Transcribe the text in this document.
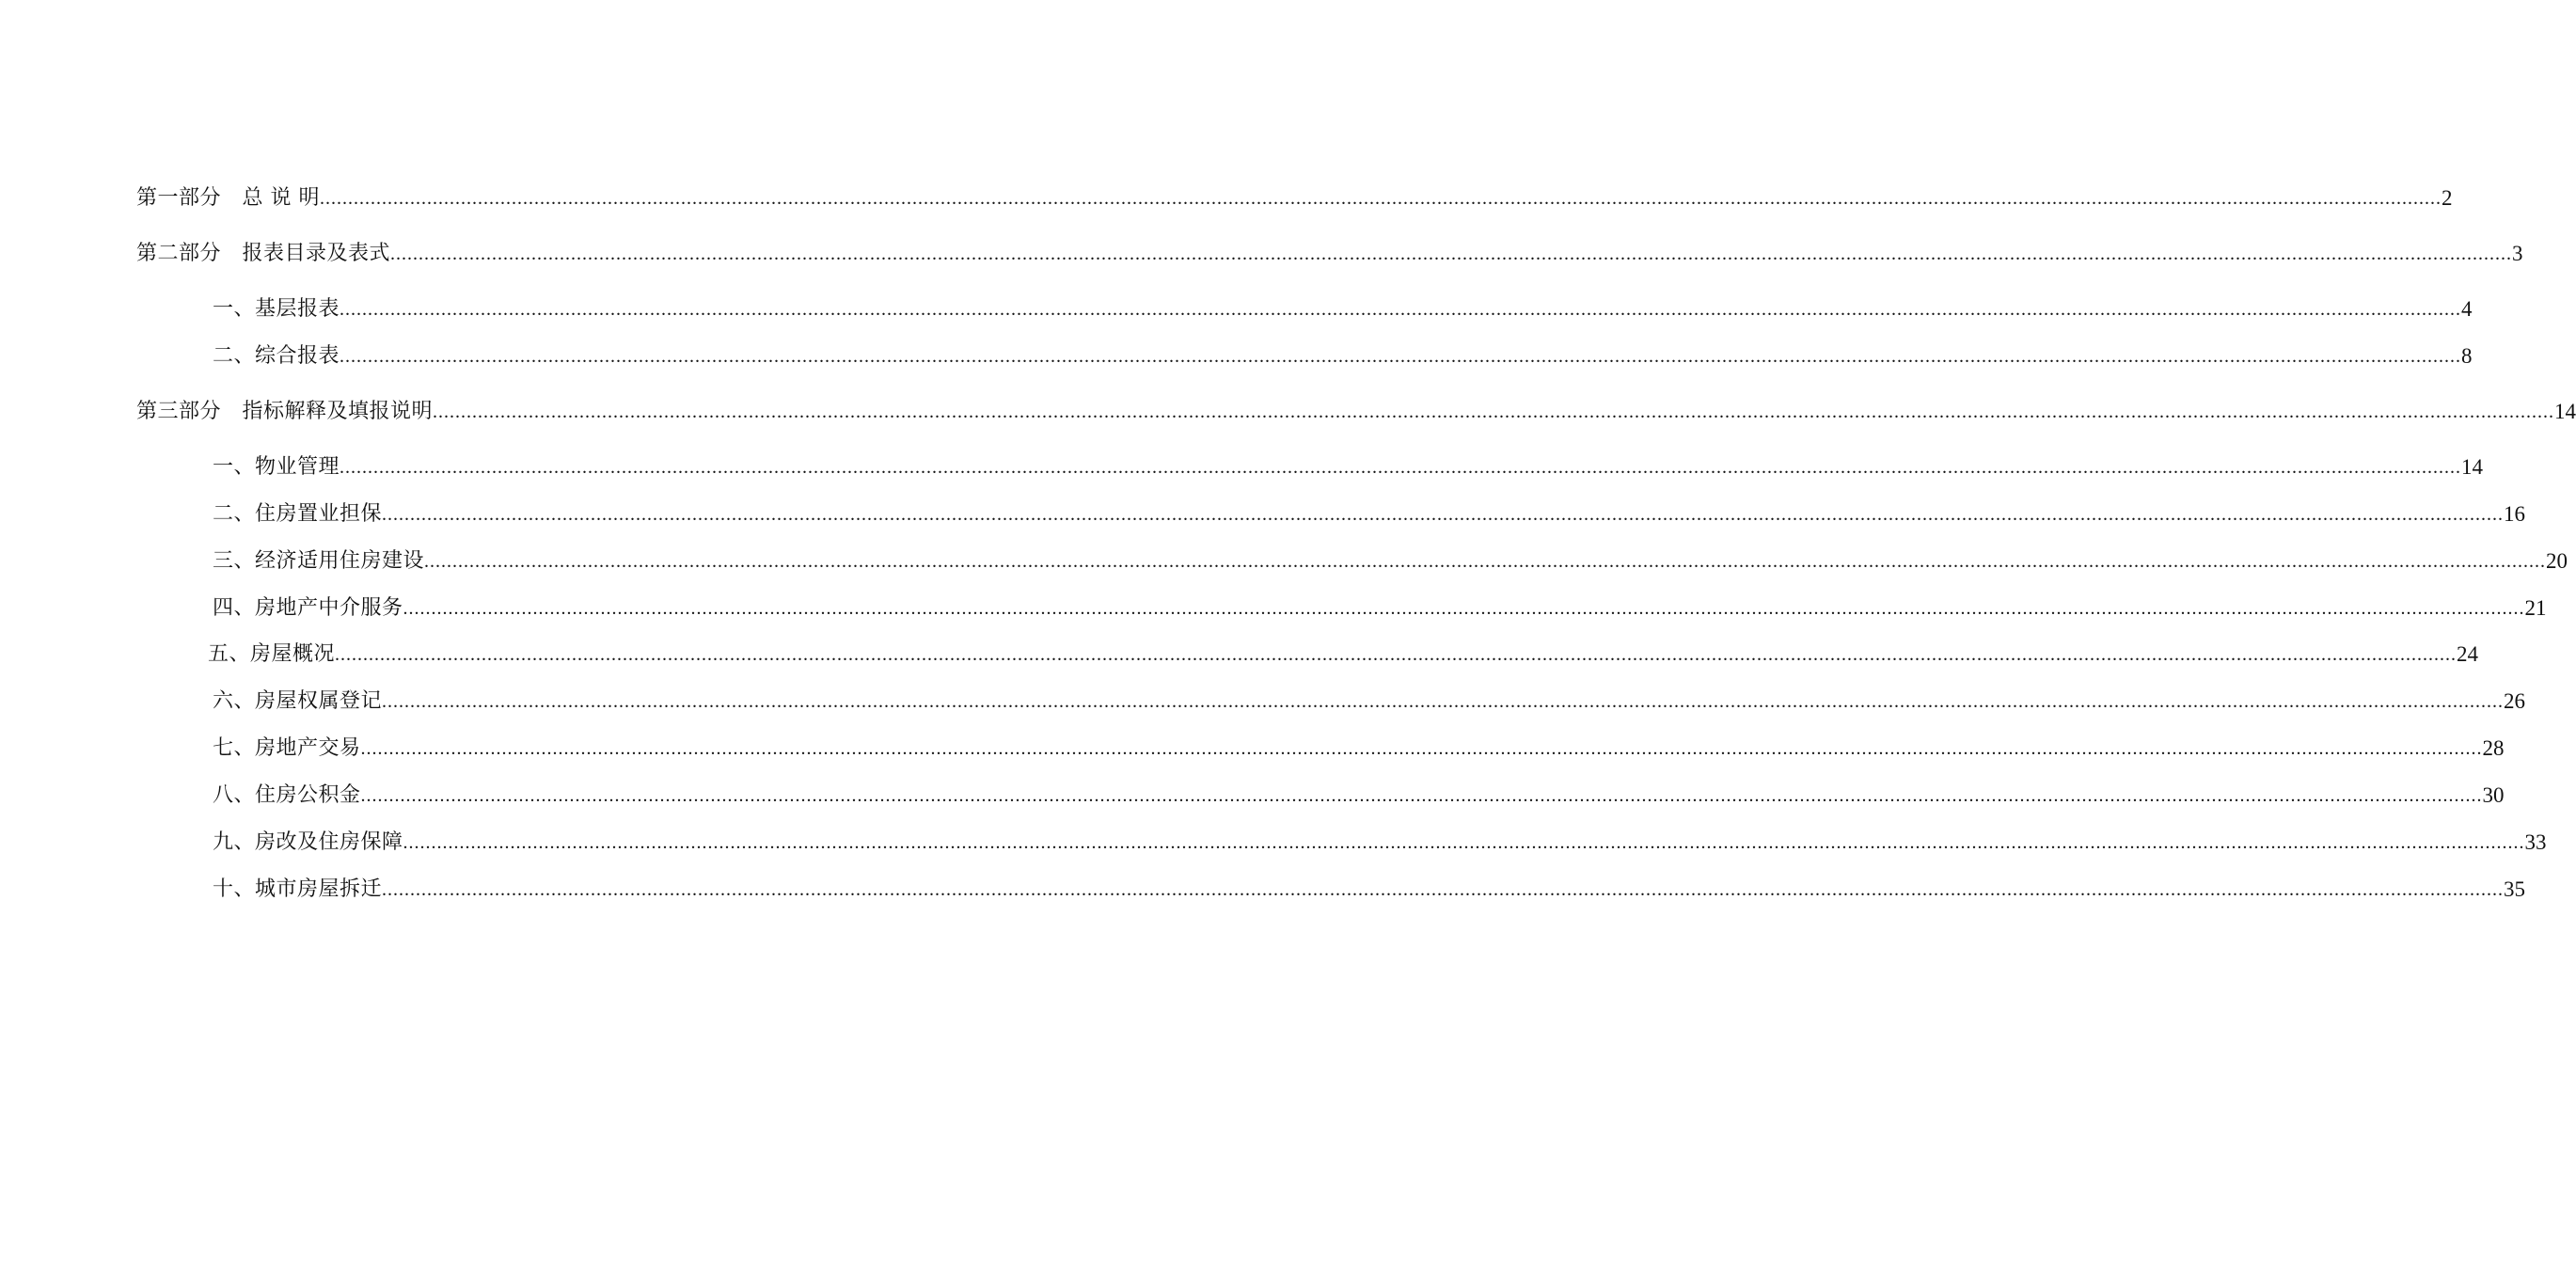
第一部分　总 说 明 ........................................................................................................................................................................................................................................................................................................................................................................................ 2
第二部分　报表目录及表式 ........................................................................................................................................................................................................................................................................................................................................................................................ 3
一、基层报表 ........................................................................................................................................................................................................................................................................................................................................................................................ 4
二、综合报表 ........................................................................................................................................................................................................................................................................................................................................................................................ 8
第三部分　指标解释及填报说明 ........................................................................................................................................................................................................................................................................................................................................................................................ 14
一、物业管理 ........................................................................................................................................................................................................................................................................................................................................................................................ 14
二、住房置业担保 ........................................................................................................................................................................................................................................................................................................................................................................................ 16
三、经济适用住房建设 ........................................................................................................................................................................................................................................................................................................................................................................................ 20
四、房地产中介服务 ........................................................................................................................................................................................................................................................................................................................................................................................ 21
五、房屋概况 ........................................................................................................................................................................................................................................................................................................................................................................................ 24
六、房屋权属登记 ........................................................................................................................................................................................................................................................................................................................................................................................ 26
七、房地产交易 ........................................................................................................................................................................................................................................................................................................................................................................................ 28
八、住房公积金 ........................................................................................................................................................................................................................................................................................................................................................................................ 30
九、房改及住房保障 ........................................................................................................................................................................................................................................................................................................................................................................................ 33
十、城市房屋拆迁 ........................................................................................................................................................................................................................................................................................................................................................................................ 35
